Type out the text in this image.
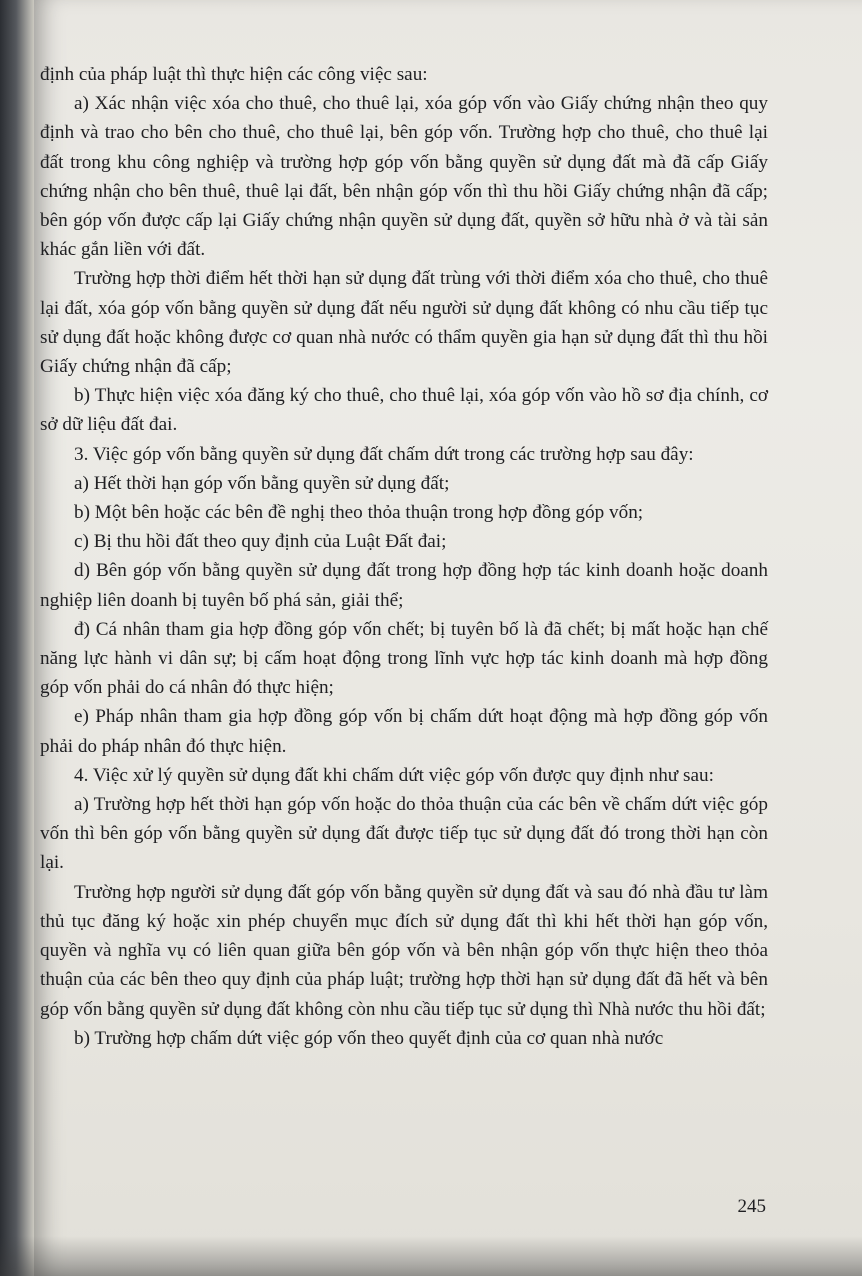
định của pháp luật thì thực hiện các công việc sau:

a) Xác nhận việc xóa cho thuê, cho thuê lại, xóa góp vốn vào Giấy chứng nhận theo quy định và trao cho bên cho thuê, cho thuê lại, bên góp vốn. Trường hợp cho thuê, cho thuê lại đất trong khu công nghiệp và trường hợp góp vốn bằng quyền sử dụng đất mà đã cấp Giấy chứng nhận cho bên thuê, thuê lại đất, bên nhận góp vốn thì thu hồi Giấy chứng nhận đã cấp; bên góp vốn được cấp lại Giấy chứng nhận quyền sử dụng đất, quyền sở hữu nhà ở và tài sản khác gắn liền với đất.

Trường hợp thời điểm hết thời hạn sử dụng đất trùng với thời điểm xóa cho thuê, cho thuê lại đất, xóa góp vốn bằng quyền sử dụng đất nếu người sử dụng đất không có nhu cầu tiếp tục sử dụng đất hoặc không được cơ quan nhà nước có thẩm quyền gia hạn sử dụng đất thì thu hồi Giấy chứng nhận đã cấp;

b) Thực hiện việc xóa đăng ký cho thuê, cho thuê lại, xóa góp vốn vào hồ sơ địa chính, cơ sở dữ liệu đất đai.

3. Việc góp vốn bằng quyền sử dụng đất chấm dứt trong các trường hợp sau đây:

a) Hết thời hạn góp vốn bằng quyền sử dụng đất;

b) Một bên hoặc các bên đề nghị theo thỏa thuận trong hợp đồng góp vốn;

c) Bị thu hồi đất theo quy định của Luật Đất đai;

d) Bên góp vốn bằng quyền sử dụng đất trong hợp đồng hợp tác kinh doanh hoặc doanh nghiệp liên doanh bị tuyên bố phá sản, giải thể;

đ) Cá nhân tham gia hợp đồng góp vốn chết; bị tuyên bố là đã chết; bị mất hoặc hạn chế năng lực hành vi dân sự; bị cấm hoạt động trong lĩnh vực hợp tác kinh doanh mà hợp đồng góp vốn phải do cá nhân đó thực hiện;

e) Pháp nhân tham gia hợp đồng góp vốn bị chấm dứt hoạt động mà hợp đồng góp vốn phải do pháp nhân đó thực hiện.

4. Việc xử lý quyền sử dụng đất khi chấm dứt việc góp vốn được quy định như sau:

a) Trường hợp hết thời hạn góp vốn hoặc do thỏa thuận của các bên về chấm dứt việc góp vốn thì bên góp vốn bằng quyền sử dụng đất được tiếp tục sử dụng đất đó trong thời hạn còn lại.

Trường hợp người sử dụng đất góp vốn bằng quyền sử dụng đất và sau đó nhà đầu tư làm thủ tục đăng ký hoặc xin phép chuyển mục đích sử dụng đất thì khi hết thời hạn góp vốn, quyền và nghĩa vụ có liên quan giữa bên góp vốn và bên nhận góp vốn thực hiện theo thỏa thuận của các bên theo quy định của pháp luật; trường hợp thời hạn sử dụng đất đã hết và bên góp vốn bằng quyền sử dụng đất không còn nhu cầu tiếp tục sử dụng thì Nhà nước thu hồi đất;

b) Trường hợp chấm dứt việc góp vốn theo quyết định của cơ quan nhà nước

245
